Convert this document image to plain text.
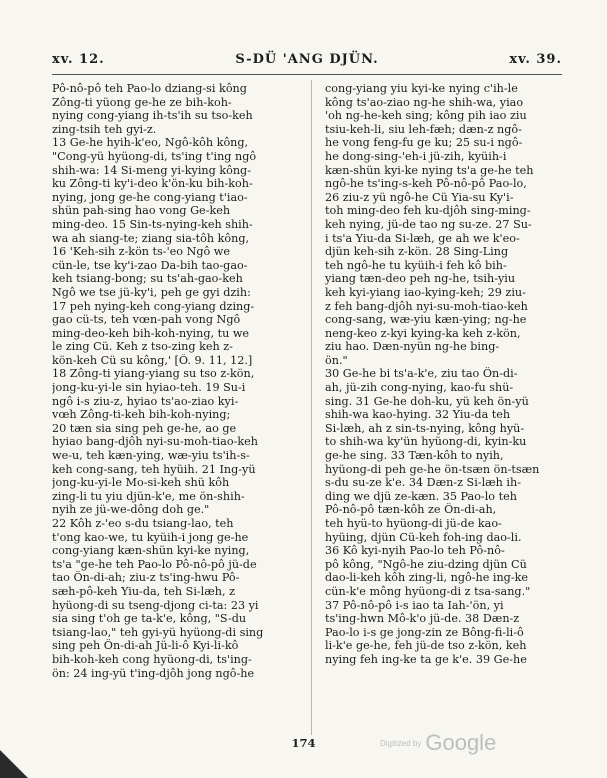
xv. 12.	S-DÜ 'ANG DJÜN.	xv. 39.
Pô-nô-pô teh Pao-lo dziang-si kông
Zông-ti yüong ge-he ze bih-koh-
nying cong-yiang ih-ts'ih su tso-keh
zing-tsih teh gyi-z.
13 Ge-he hyih-k'eo, Ngô-kôh kông,
"Cong-yü hyüong-di, ts'ing t'ing ngô
shih-wa: 14 Si-meng yi-kying kông-
ku Zông-ti ky'i-deo k'ön-ku bih-koh-
nying, jong ge-he cong-yiang t'iao-
shün pah-sing hao vong Ge-keh
ming-deo. 15 Sin-ts-nying-keh shih-
wa ah siang-te; ziang sia-tôh kông,
16 'Keh-sih z-kön ts-'eo Ngô we
cün-le, tse ky'i-zao Da-bih tao-gao-
keh tsiang-bong; su ts'ah-gao-keh
Ngô we tse jü-ky'i, peh ge gyi dzih:
17 peh nying-keh cong-yiang dzing-
gao cü-ts, teh vœn-pah vong Ngô
ming-deo-keh bih-koh-nying, tu we
le zing Cü. Keh z tso-zing keh z-
kön-keh Cü su kông,' [Ô. 9. 11, 12.]
18 Zông-ti yiang-yiang su tso z-kön,
jong-ku-yi-le sin hyiao-teh. 19 Su-i
ngô i-s ziu-z, hyiao ts'ao-ziao kyi-
vœh Zông-ti-keh bih-koh-nying;
20 tæn sia sing peh ge-he, ao ge
hyiao bang-djôh nyi-su-moh-tiao-keh
we-u, teh kæn-ying, wæ-yiu ts'ih-s-
keh cong-sang, teh hyüih. 21 Ing-yü
jong-ku-yi-le Mo-si-keh shü kôh
zing-li tu yiu djün-k'e, me ön-shih-
nyih ze jü-we-dông doh ge."
22 Kôh z-'eo s-du tsiang-lao, teh
t'ong kao-we, tu kyüih-i jong ge-he
cong-yiang kæn-shün kyi-ke nying,
ts'a "ge-he teh Pao-lo Pô-nô-pô jü-de
tao Ön-di-ah; ziu-z ts'ing-hwu Pô-
sæh-pô-keh Yiu-da, teh Si-læh, z
hyüong-di su tseng-djong ci-ta: 23 yi
sia sing t'oh ge ta-k'e, kông, "S-du
tsiang-lao," teh gyi-yü hyüong-di sing
sing peh Ön-di-ah Jü-li-ô Kyi-li-kô
bih-koh-keh cong hyüong-di, ts'ing-
ön: 24 ing-yü t'ing-djôh jong ngô-he
cong-yiang yiu kyi-ke nying c'ih-le
kông ts'ao-ziao ng-he shih-wa, yiao
'oh ng-he-keh sing; kông pih iao ziu
tsiu-keh-li, siu leh-fæh; dæn-z ngô-
he vong feng-fu ge ku; 25 su-i ngô-
he dong-sing-'eh-i jü-zih, kyüih-i
kæn-shün kyi-ke nying ts'a ge-he teh
ngô-he ts'ing-s-keh Pô-nô-pô Pao-lo,
26 ziu-z yü ngô-he Cü Yia-su Ky'i-
toh ming-deo feh ku-djôh sing-ming-
keh nying, jü-de tao ng su-ze. 27 Su-
i ts'a Yiu-da Si-læh, ge ah we k'eo-
djün keh-sih z-kön. 28 Sing-Ling
teh ngô-he tu kyüih-i feh kô bih-
yiang tæn-deo peh ng-he, tsih-yiu
keh kyi-yiang iao-kying-keh; 29 ziu-
z feh bang-djôh nyi-su-moh-tiao-keh
cong-sang, wæ-yiu kæn-ying; ng-he
neng-keo z-kyi kying-ka keh z-kön,
ziu hao. Dæn-nyün ng-he bing-
ön."
30 Ge-he bi ts'a-k'e, ziu tao Ön-di-
ah, jü-zih cong-nying, kao-fu shü-
sing. 31 Ge-he doh-ku, yü keh ön-yü
shih-wa kao-hying. 32 Yiu-da teh
Si-læh, ah z sin-ts-nying, kông hyü-
to shih-wa ky'ün hyüong-di, kyin-ku
ge-he sing. 33 Tæn-kôh to nyih,
hyüong-di peh ge-he ön-tsæn ön-tsæn
s-du su-ze k'e. 34 Dæn-z Si-læh ih-
ding we djü ze-kæn. 35 Pao-lo teh
Pô-nô-pô tæn-kôh ze Ön-di-ah,
teh hyü-to hyüong-di jü-de kao-
hyüing, djün Cü-keh foh-ing dao-li.
36 Kô kyi-nyih Pao-lo teh Pô-nô-
pô kông, "Ngô-he ziu-dzing djün Cü
dao-li-keh kôh zing-li, ngô-he ing-ke
cün-k'e mông hyüong-di z tsa-sang."
37 Pô-nô-pô i-s iao ta Iah-'ön, yi
ts'ing-hwn Mô-k'o jü-de. 38 Dæn-z
Pao-lo i-s ge jong-zin ze Bông-fi-li-ô
li-k'e ge-he, feh jü-de tso z-kön, keh
nying feh ing-ke ta ge k'e. 39 Ge-he
174	Digitized by Google
